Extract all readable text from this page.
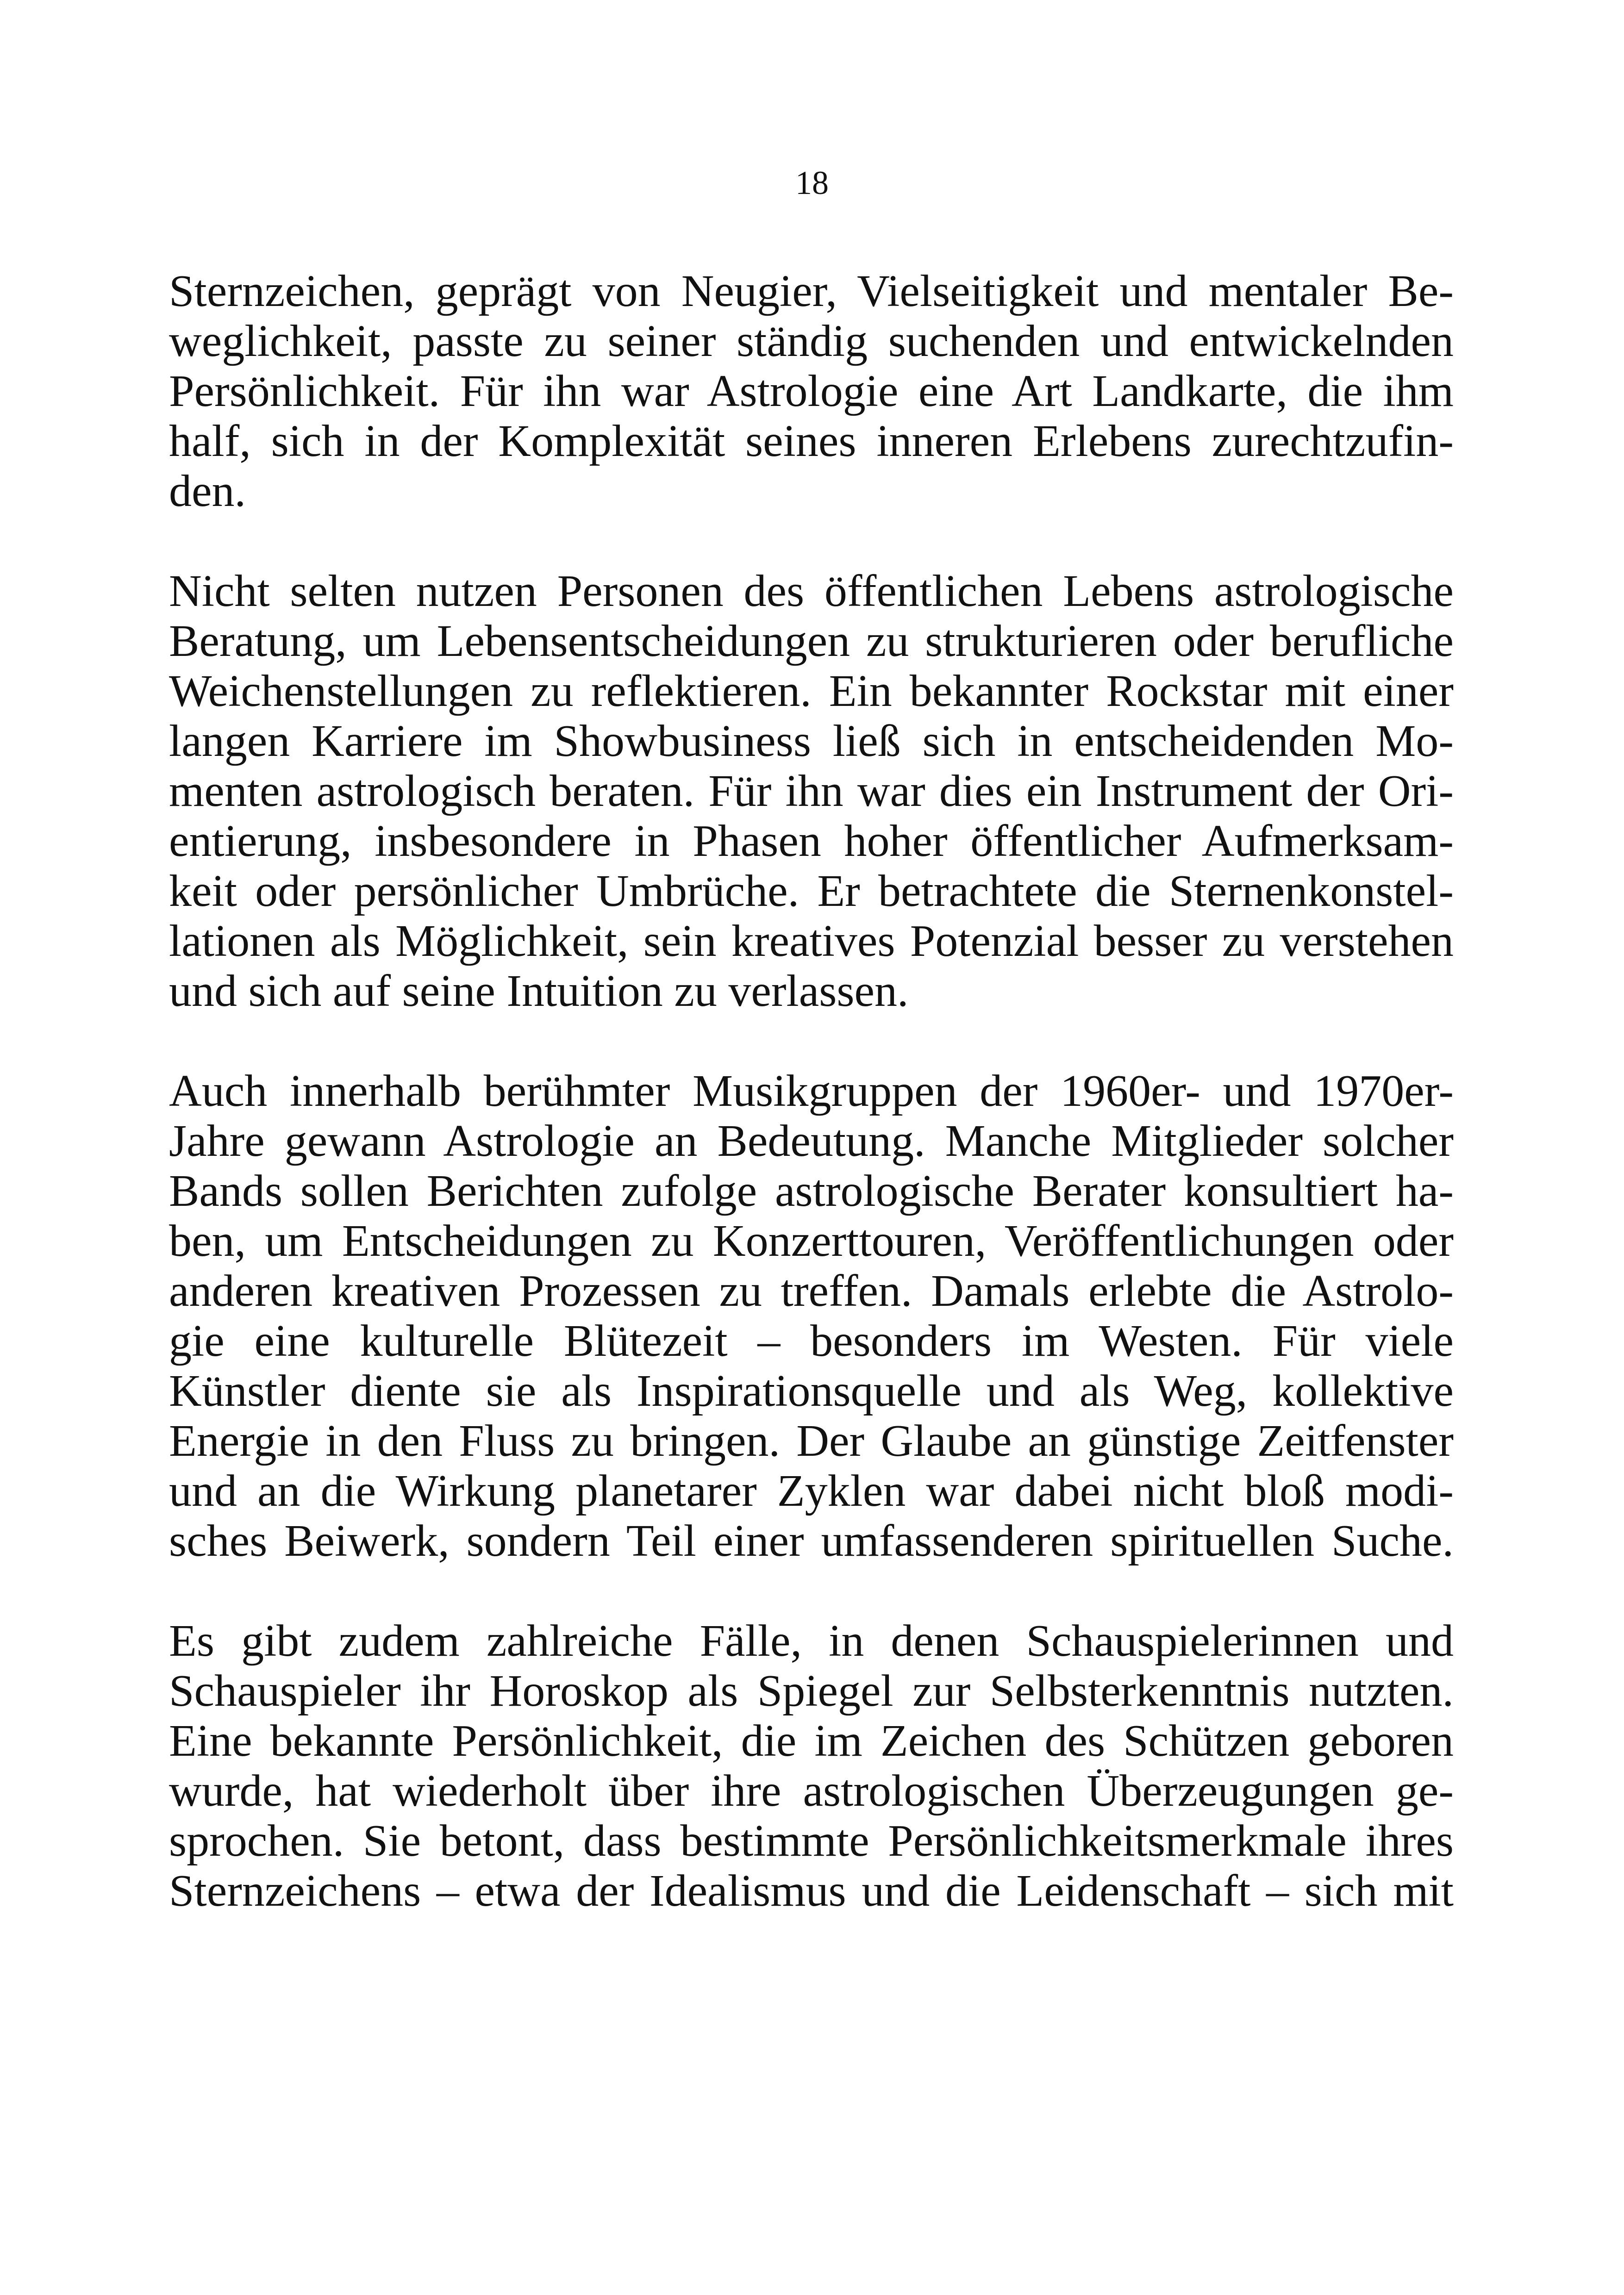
18

Sternzeichen, geprägt von Neugier, Vielseitigkeit und mentaler Be-
weglichkeit, passte zu seiner ständig suchenden und entwickelnden
Persönlichkeit. Für ihn war Astrologie eine Art Landkarte, die ihm
half, sich in der Komplexität seines inneren Erlebens zurechtzufin-
den.

Nicht selten nutzen Personen des öffentlichen Lebens astrologische
Beratung, um Lebensentscheidungen zu strukturieren oder berufliche
Weichenstellungen zu reflektieren. Ein bekannter Rockstar mit einer
langen Karriere im Showbusiness ließ sich in entscheidenden Mo-
menten astrologisch beraten. Für ihn war dies ein Instrument der Ori-
entierung, insbesondere in Phasen hoher öffentlicher Aufmerksam-
keit oder persönlicher Umbrüche. Er betrachtete die Sternenkonstel-
lationen als Möglichkeit, sein kreatives Potenzial besser zu verstehen
und sich auf seine Intuition zu verlassen.

Auch innerhalb berühmter Musikgruppen der 1960er- und 1970er-
Jahre gewann Astrologie an Bedeutung. Manche Mitglieder solcher
Bands sollen Berichten zufolge astrologische Berater konsultiert ha-
ben, um Entscheidungen zu Konzerttouren, Veröffentlichungen oder
anderen kreativen Prozessen zu treffen. Damals erlebte die Astrolo-
gie eine kulturelle Blütezeit – besonders im Westen. Für viele
Künstler diente sie als Inspirationsquelle und als Weg, kollektive
Energie in den Fluss zu bringen. Der Glaube an günstige Zeitfenster
und an die Wirkung planetarer Zyklen war dabei nicht bloß modi-
sches Beiwerk, sondern Teil einer umfassenderen spirituellen Suche.

Es gibt zudem zahlreiche Fälle, in denen Schauspielerinnen und
Schauspieler ihr Horoskop als Spiegel zur Selbsterkenntnis nutzten.
Eine bekannte Persönlichkeit, die im Zeichen des Schützen geboren
wurde, hat wiederholt über ihre astrologischen Überzeugungen ge-
sprochen. Sie betont, dass bestimmte Persönlichkeitsmerkmale ihres
Sternzeichens – etwa der Idealismus und die Leidenschaft – sich mit
